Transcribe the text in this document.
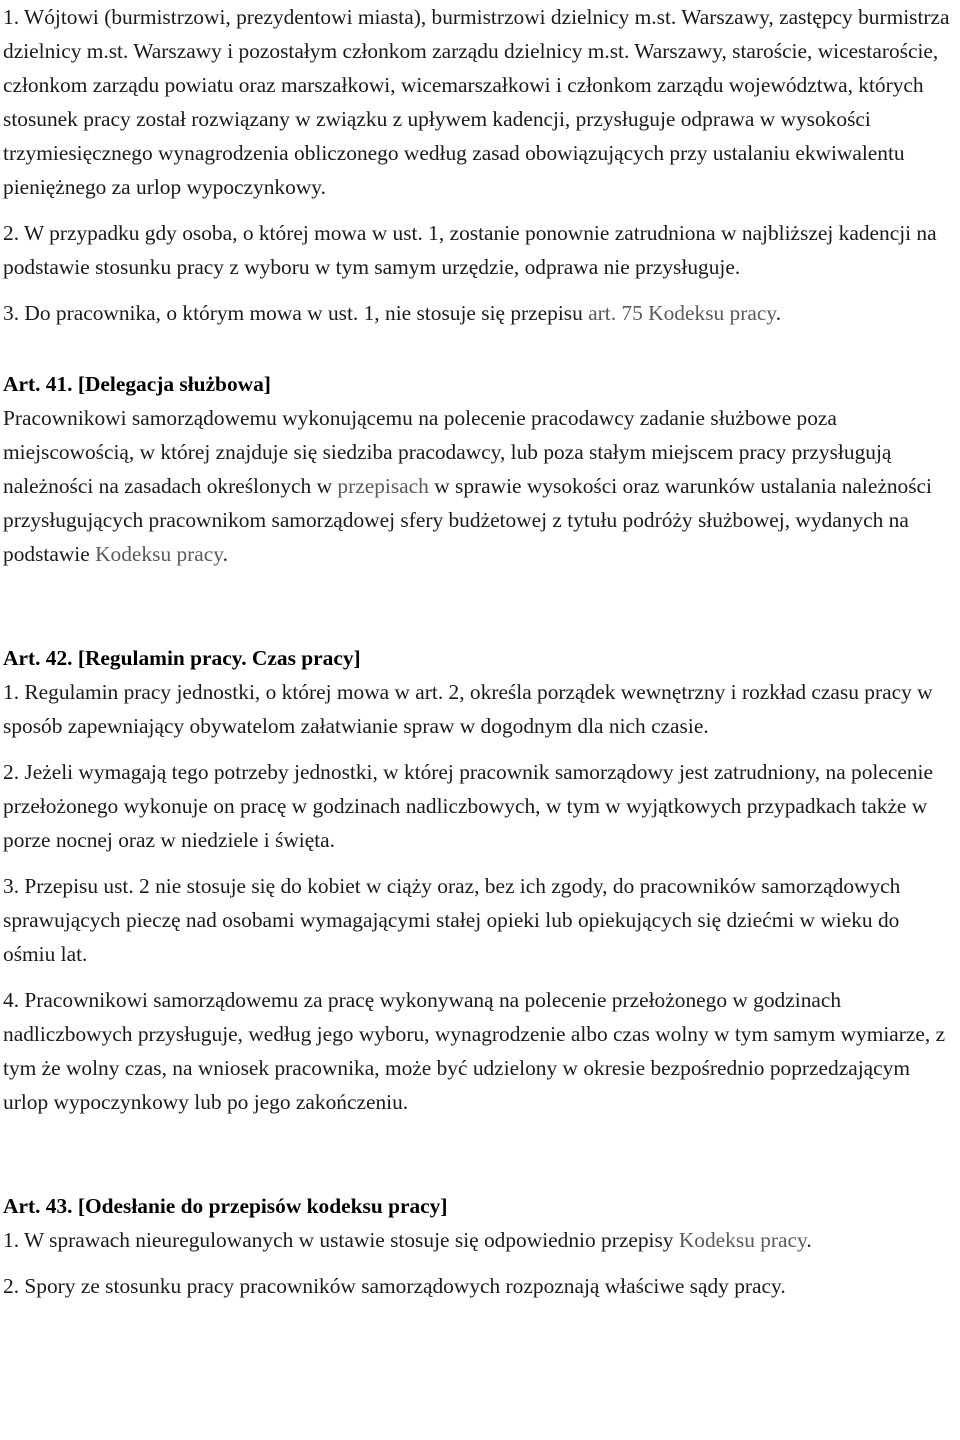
1. Wójtowi (burmistrzowi, prezydentowi miasta), burmistrzowi dzielnicy m.st. Warszawy, zastępcy burmistrza dzielnicy m.st. Warszawy i pozostałym członkom zarządu dzielnicy m.st. Warszawy, staroście, wicestaroście, członkom zarządu powiatu oraz marszałkowi, wicemarszałkowi i członkom zarządu województwa, których stosunek pracy został rozwiązany w związku z upływem kadencji, przysługuje odprawa w wysokości trzymiesięcznego wynagrodzenia obliczonego według zasad obowiązujących przy ustalaniu ekwiwalentu pieniężnego za urlop wypoczynkowy.

2. W przypadku gdy osoba, o której mowa w ust. 1, zostanie ponownie zatrudniona w najbliższej kadencji na podstawie stosunku pracy z wyboru w tym samym urzędzie, odprawa nie przysługuje.

3. Do pracownika, o którym mowa w ust. 1, nie stosuje się przepisu art. 75 Kodeksu pracy.

Art. 41. [Delegacja służbowa]

Pracownikowi samorządowemu wykonującemu na polecenie pracodawcy zadanie służbowe poza miejscowością, w której znajduje się siedziba pracodawcy, lub poza stałym miejscem pracy przysługują należności na zasadach określonych w przepisach w sprawie wysokości oraz warunków ustalania należności przysługujących pracownikom samorządowej sfery budżetowej z tytułu podróży służbowej, wydanych na podstawie Kodeksu pracy.

Art. 42. [Regulamin pracy. Czas pracy]

1. Regulamin pracy jednostki, o której mowa w art. 2, określa porządek wewnętrzny i rozkład czasu pracy w sposób zapewniający obywatelom załatwianie spraw w dogodnym dla nich czasie.

2. Jeżeli wymagają tego potrzeby jednostki, w której pracownik samorządowy jest zatrudniony, na polecenie przełożonego wykonuje on pracę w godzinach nadliczbowych, w tym w wyjątkowych przypadkach także w porze nocnej oraz w niedziele i święta.

3. Przepisu ust. 2 nie stosuje się do kobiet w ciąży oraz, bez ich zgody, do pracowników samorządowych sprawujących pieczę nad osobami wymagającymi stałej opieki lub opiekujących się dziećmi w wieku do ośmiu lat.

4. Pracownikowi samorządowemu za pracę wykonywaną na polecenie przełożonego w godzinach nadliczbowych przysługuje, według jego wyboru, wynagrodzenie albo czas wolny w tym samym wymiarze, z tym że wolny czas, na wniosek pracownika, może być udzielony w okresie bezpośrednio poprzedzającym urlop wypoczynkowy lub po jego zakończeniu.

Art. 43. [Odesłanie do przepisów kodeksu pracy]

1. W sprawach nieuregulowanych w ustawie stosuje się odpowiednio przepisy Kodeksu pracy.

2. Spory ze stosunku pracy pracowników samorządowych rozpoznają właściwe sądy pracy.
